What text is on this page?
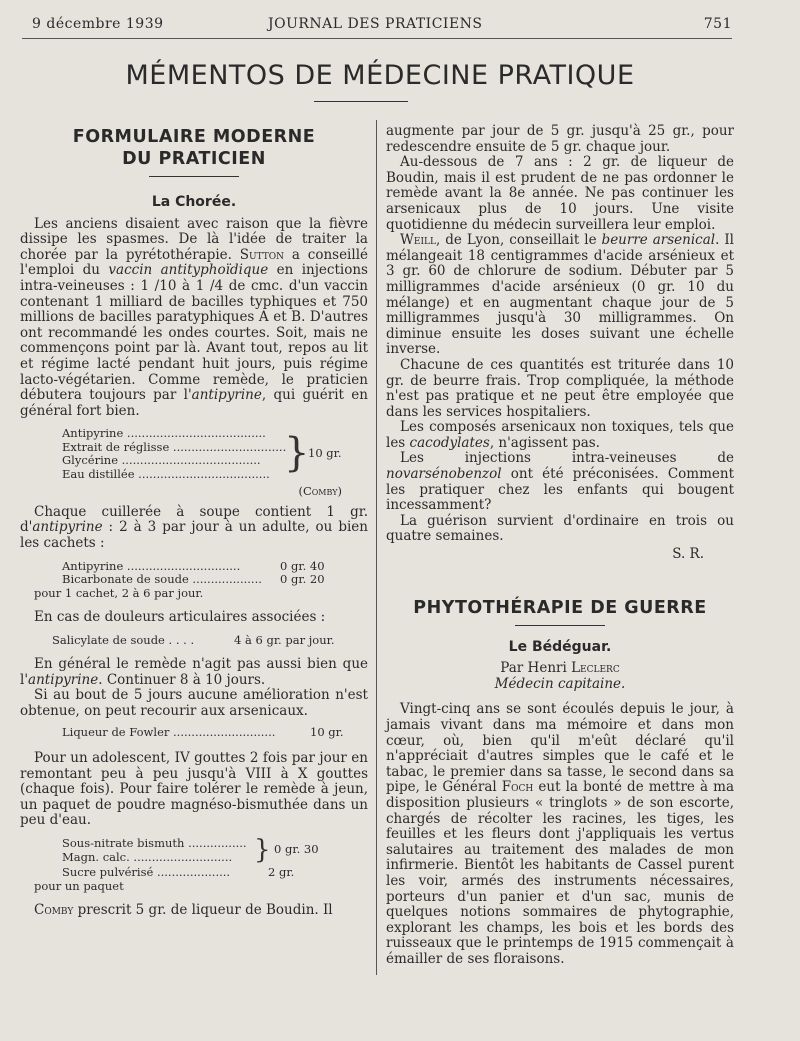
9 décembre 1939	JOURNAL DES PRATICIENS	751
MÉMENTOS DE MÉDECINE PRATIQUE
FORMULAIRE MODERNE
DU PRATICIEN
La Chorée.

Les anciens disaient avec raison que la fièvre dissipe les spasmes. De là l'idée de traiter la chorée par la pyrétothérapie. Sutton a conseillé l'emploi du vaccin antityphoïdique en injections intra-veineuses : 1 /10 à 1 /4 de cmc. d'un vaccin contenant 1 milliard de bacilles typhiques et 750 millions de bacilles paratyphiques A et B. D'autres ont recommandé les ondes courtes. Soit, mais ne commençons point par là. Avant tout, repos au lit et régime lacté pendant huit jours, puis régime lacto-végétarien. Comme remède, le praticien débutera toujours par l'antipyrine, qui guérit en général fort bien.

Antipyrine ......................................
Extrait de réglisse ...............................
Glycérine ......................................
Eau distillée .................................... }
10 gr.
(Comby)

Chaque cuillerée à soupe contient 1 gr. d'antipyrine : 2 à 3 par jour à un adulte, ou bien les cachets :

Antipyrine ...............................	0 gr. 40
Bicarbonate de soude ................... 0 gr. 20
pour 1 cachet, 2 à 6 par jour.

En cas de douleurs articulaires associées :

Salicylate de soude . . . .	4 à 6 gr. par jour.

En général le remède n'agit pas aussi bien que l'antipyrine. Continuer 8 à 10 jours.

Si au bout de 5 jours aucune amélioration n'est obtenue, on peut recourir aux arsenicaux.

Liqueur de Fowler ............................	10 gr.

Pour un adolescent, IV gouttes 2 fois par jour en remontant peu à peu jusqu'à VIII à X gouttes (chaque fois). Pour faire tolérer le remède à jeun, un paquet de poudre magnéso-bismuthée dans un peu d'eau.

Sous-nitrate bismuth ................
Magn. calc. ........................... } 0 gr. 30
Sucre pulvérisé ....................	2 gr.
pour un paquet

Comby prescrit 5 gr. de liqueur de Boudin. Il

augmente par jour de 5 gr. jusqu'à 25 gr., pour redescendre ensuite de 5 gr. chaque jour.

Au-dessous de 7 ans : 2 gr. de liqueur de Boudin, mais il est prudent de ne pas ordonner le remède avant la 8e année. Ne pas continuer les arsenicaux plus de 10 jours. Une visite quotidienne du médecin surveillera leur emploi.

Weill, de Lyon, conseillait le beurre arsenical. Il mélangeait 18 centigrammes d'acide arsénieux et 3 gr. 60 de chlorure de sodium. Débuter par 5 milligrammes d'acide arsénieux (0 gr. 10 du mélange) et en augmentant chaque jour de 5 milligrammes jusqu'à 30 milligrammes. On diminue ensuite les doses suivant une échelle inverse.

Chacune de ces quantités est triturée dans 10 gr. de beurre frais. Trop compliquée, la méthode n'est pas pratique et ne peut être employée que dans les services hospitaliers.

Les composés arsenicaux non toxiques, tels que les cacodylates, n'agissent pas.

Les injections intra-veineuses de novarsénobenzol ont été préconisées. Comment les pratiquer chez les enfants qui bougent incessamment?

La guérison survient d'ordinaire en trois ou quatre semaines.

S. R.
PHYTOTHÉRAPIE DE GUERRE
Le Bédéguar.
Par Henri Leclerc
Médecin capitaine.

Vingt-cinq ans se sont écoulés depuis le jour, à jamais vivant dans ma mémoire et dans mon cœur, où, bien qu'il m'eût déclaré qu'il n'appréciait d'autres simples que le café et le tabac, le premier dans sa tasse, le second dans sa pipe, le Général Foch eut la bonté de mettre à ma disposition plusieurs « tringlots » de son escorte, chargés de récolter les racines, les tiges, les feuilles et les fleurs dont j'appliquais les vertus salutaires au traitement des malades de mon infirmerie. Bientôt les habitants de Cassel purent les voir, armés des instruments nécessaires, porteurs d'un panier et d'un sac, munis de quelques notions sommaires de phytographie, explorant les champs, les bois et les bords des ruisseaux que le printemps de 1915 commençait à émailler de ses floraisons.
